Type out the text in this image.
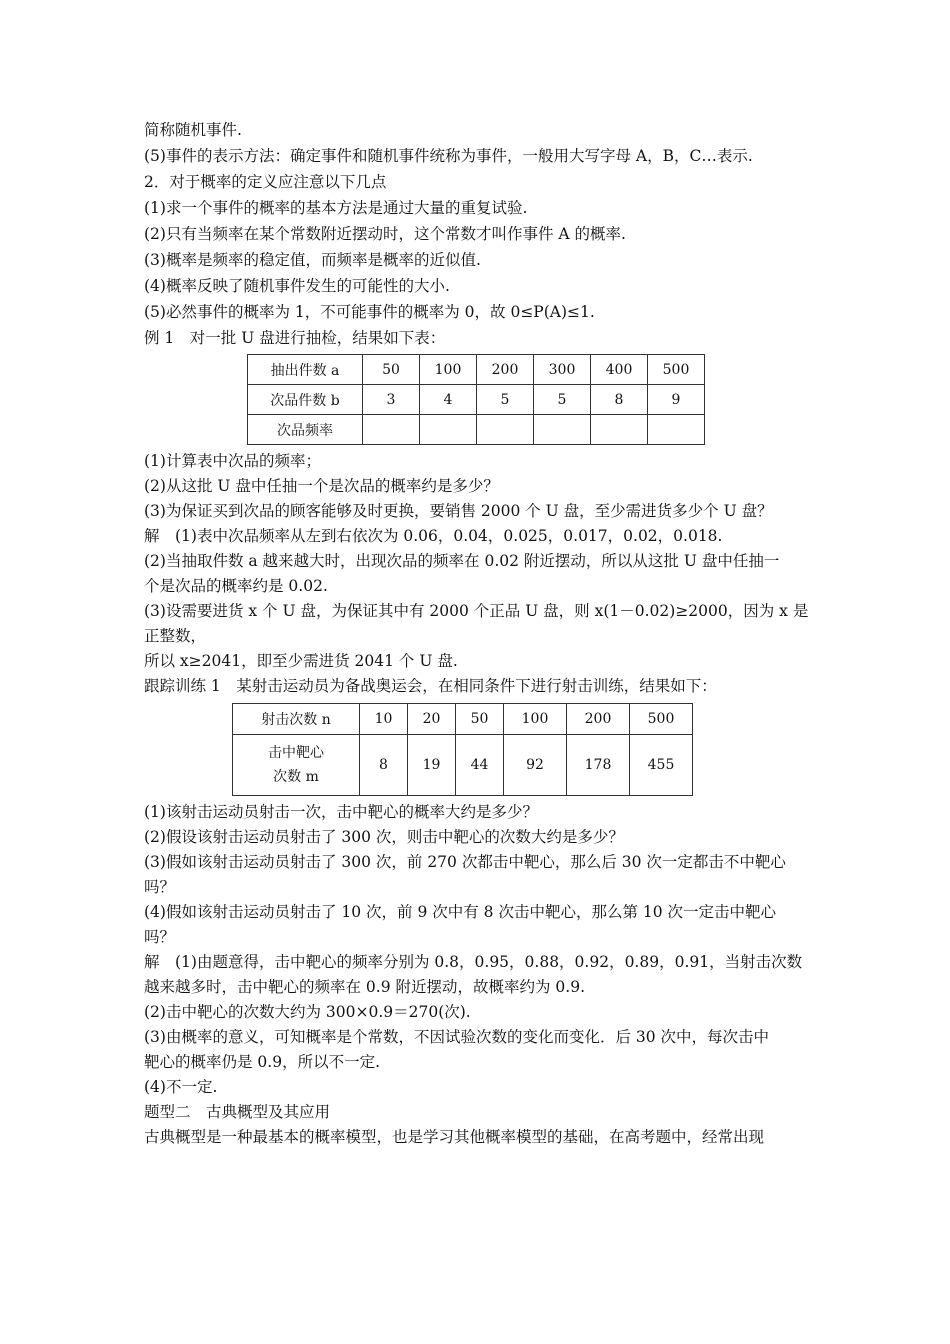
简称随机事件.
(5)事件的表示方法：确定事件和随机事件统称为事件，一般用大写字母 A，B，C…表示.
2．对于概率的定义应注意以下几点
(1)求一个事件的概率的基本方法是通过大量的重复试验.
(2)只有当频率在某个常数附近摆动时，这个常数才叫作事件 A 的概率.
(3)概率是频率的稳定值，而频率是概率的近似值.
(4)概率反映了随机事件发生的可能性的大小.
(5)必然事件的概率为 1，不可能事件的概率为 0，故 0≤P(A)≤1.
例 1　对一批 U 盘进行抽检，结果如下表：
抽出件数 a	50	100	200	300	400	500
次品件数 b	3	4	5	5	8	9
次品频率						
(1)计算表中次品的频率；
(2)从这批 U 盘中任抽一个是次品的概率约是多少？
(3)为保证买到次品的顾客能够及时更换，要销售 2000 个 U 盘，至少需进货多少个 U 盘？
解　(1)表中次品频率从左到右依次为 0.06，0.04，0.025，0.017，0.02，0.018.
(2)当抽取件数 a 越来越大时，出现次品的频率在 0.02 附近摆动，所以从这批 U 盘中任抽一
个是次品的概率约是 0.02.
(3)设需要进货 x 个 U 盘，为保证其中有 2000 个正品 U 盘，则 x(1－0.02)≥2000，因为 x 是
正整数，
所以 x≥2041，即至少需进货 2041 个 U 盘.
跟踪训练 1　某射击运动员为备战奥运会，在相同条件下进行射击训练，结果如下：
射击次数 n	10	20	50	100	200	500

击中靶心
次数 m	8	19	44	92	178	455
(1)该射击运动员射击一次，击中靶心的概率大约是多少？
(2)假设该射击运动员射击了 300 次，则击中靶心的次数大约是多少？
(3)假如该射击运动员射击了 300 次，前 270 次都击中靶心，那么后 30 次一定都击不中靶心
吗？
(4)假如该射击运动员射击了 10 次，前 9 次中有 8 次击中靶心，那么第 10 次一定击中靶心
吗？
解　(1)由题意得，击中靶心的频率分别为 0.8，0.95，0.88，0.92，0.89，0.91，当射击次数
越来越多时，击中靶心的频率在 0.9 附近摆动，故概率约为 0.9.
(2)击中靶心的次数大约为 300×0.9＝270(次).
(3)由概率的意义，可知概率是个常数，不因试验次数的变化而变化．后 30 次中，每次击中
靶心的概率仍是 0.9，所以不一定.
(4)不一定.
题型二　古典概型及其应用
古典概型是一种最基本的概率模型，也是学习其他概率模型的基础，在高考题中，经常出现
